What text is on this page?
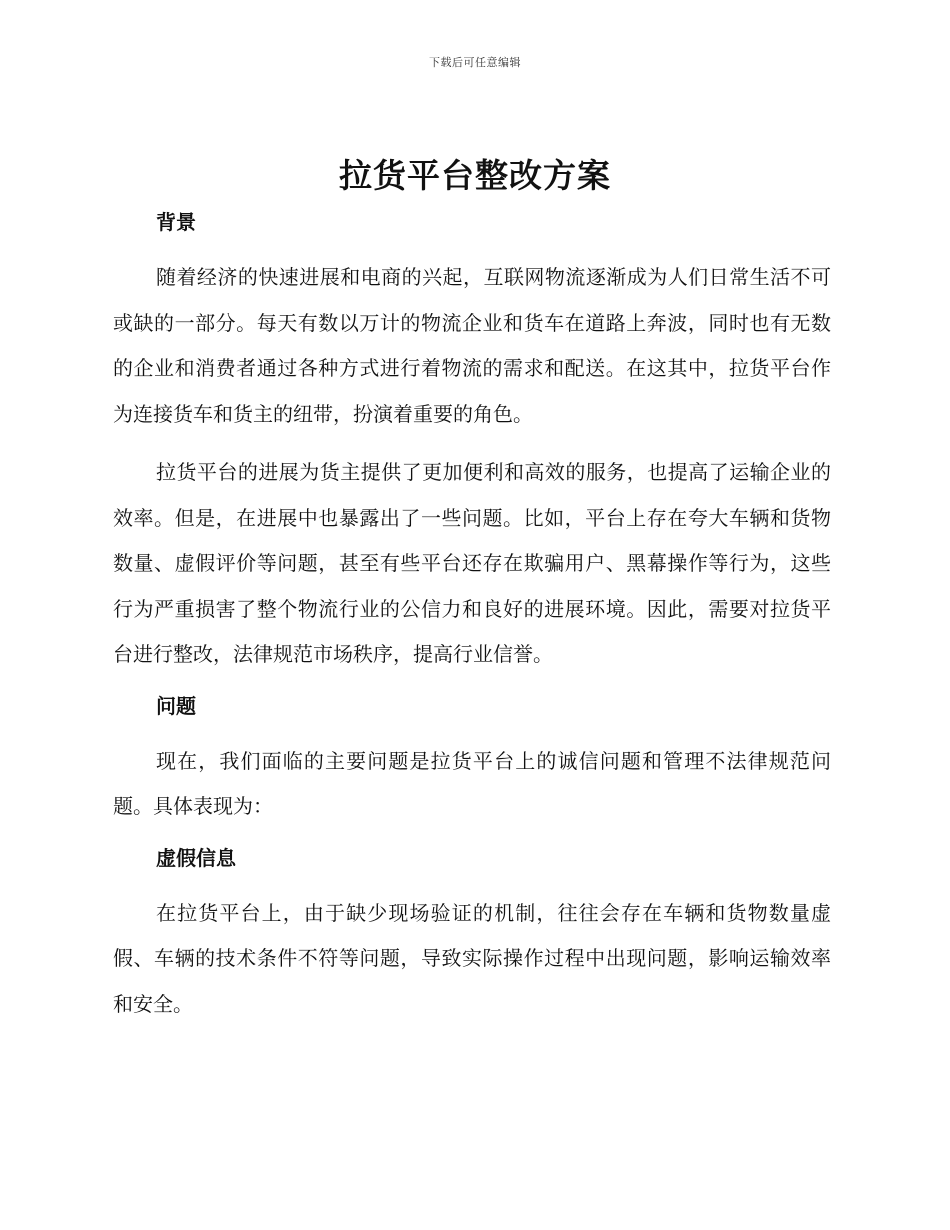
下载后可任意编辑
拉货平台整改方案
背景

随着经济的快速进展和电商的兴起，互联网物流逐渐成为人们日常生活不可或缺的一部分。每天有数以万计的物流企业和货车在道路上奔波，同时也有无数的企业和消费者通过各种方式进行着物流的需求和配送。在这其中，拉货平台作为连接货车和货主的纽带，扮演着重要的角色。

拉货平台的进展为货主提供了更加便利和高效的服务，也提高了运输企业的效率。但是，在进展中也暴露出了一些问题。比如，平台上存在夸大车辆和货物数量、虚假评价等问题，甚至有些平台还存在欺骗用户、黑幕操作等行为，这些行为严重损害了整个物流行业的公信力和良好的进展环境。因此，需要对拉货平台进行整改，法律规范市场秩序，提高行业信誉。

问题

现在，我们面临的主要问题是拉货平台上的诚信问题和管理不法律规范问题。具体表现为：

虚假信息

在拉货平台上，由于缺少现场验证的机制，往往会存在车辆和货物数量虚假、车辆的技术条件不符等问题，导致实际操作过程中出现问题，影响运输效率和安全。
